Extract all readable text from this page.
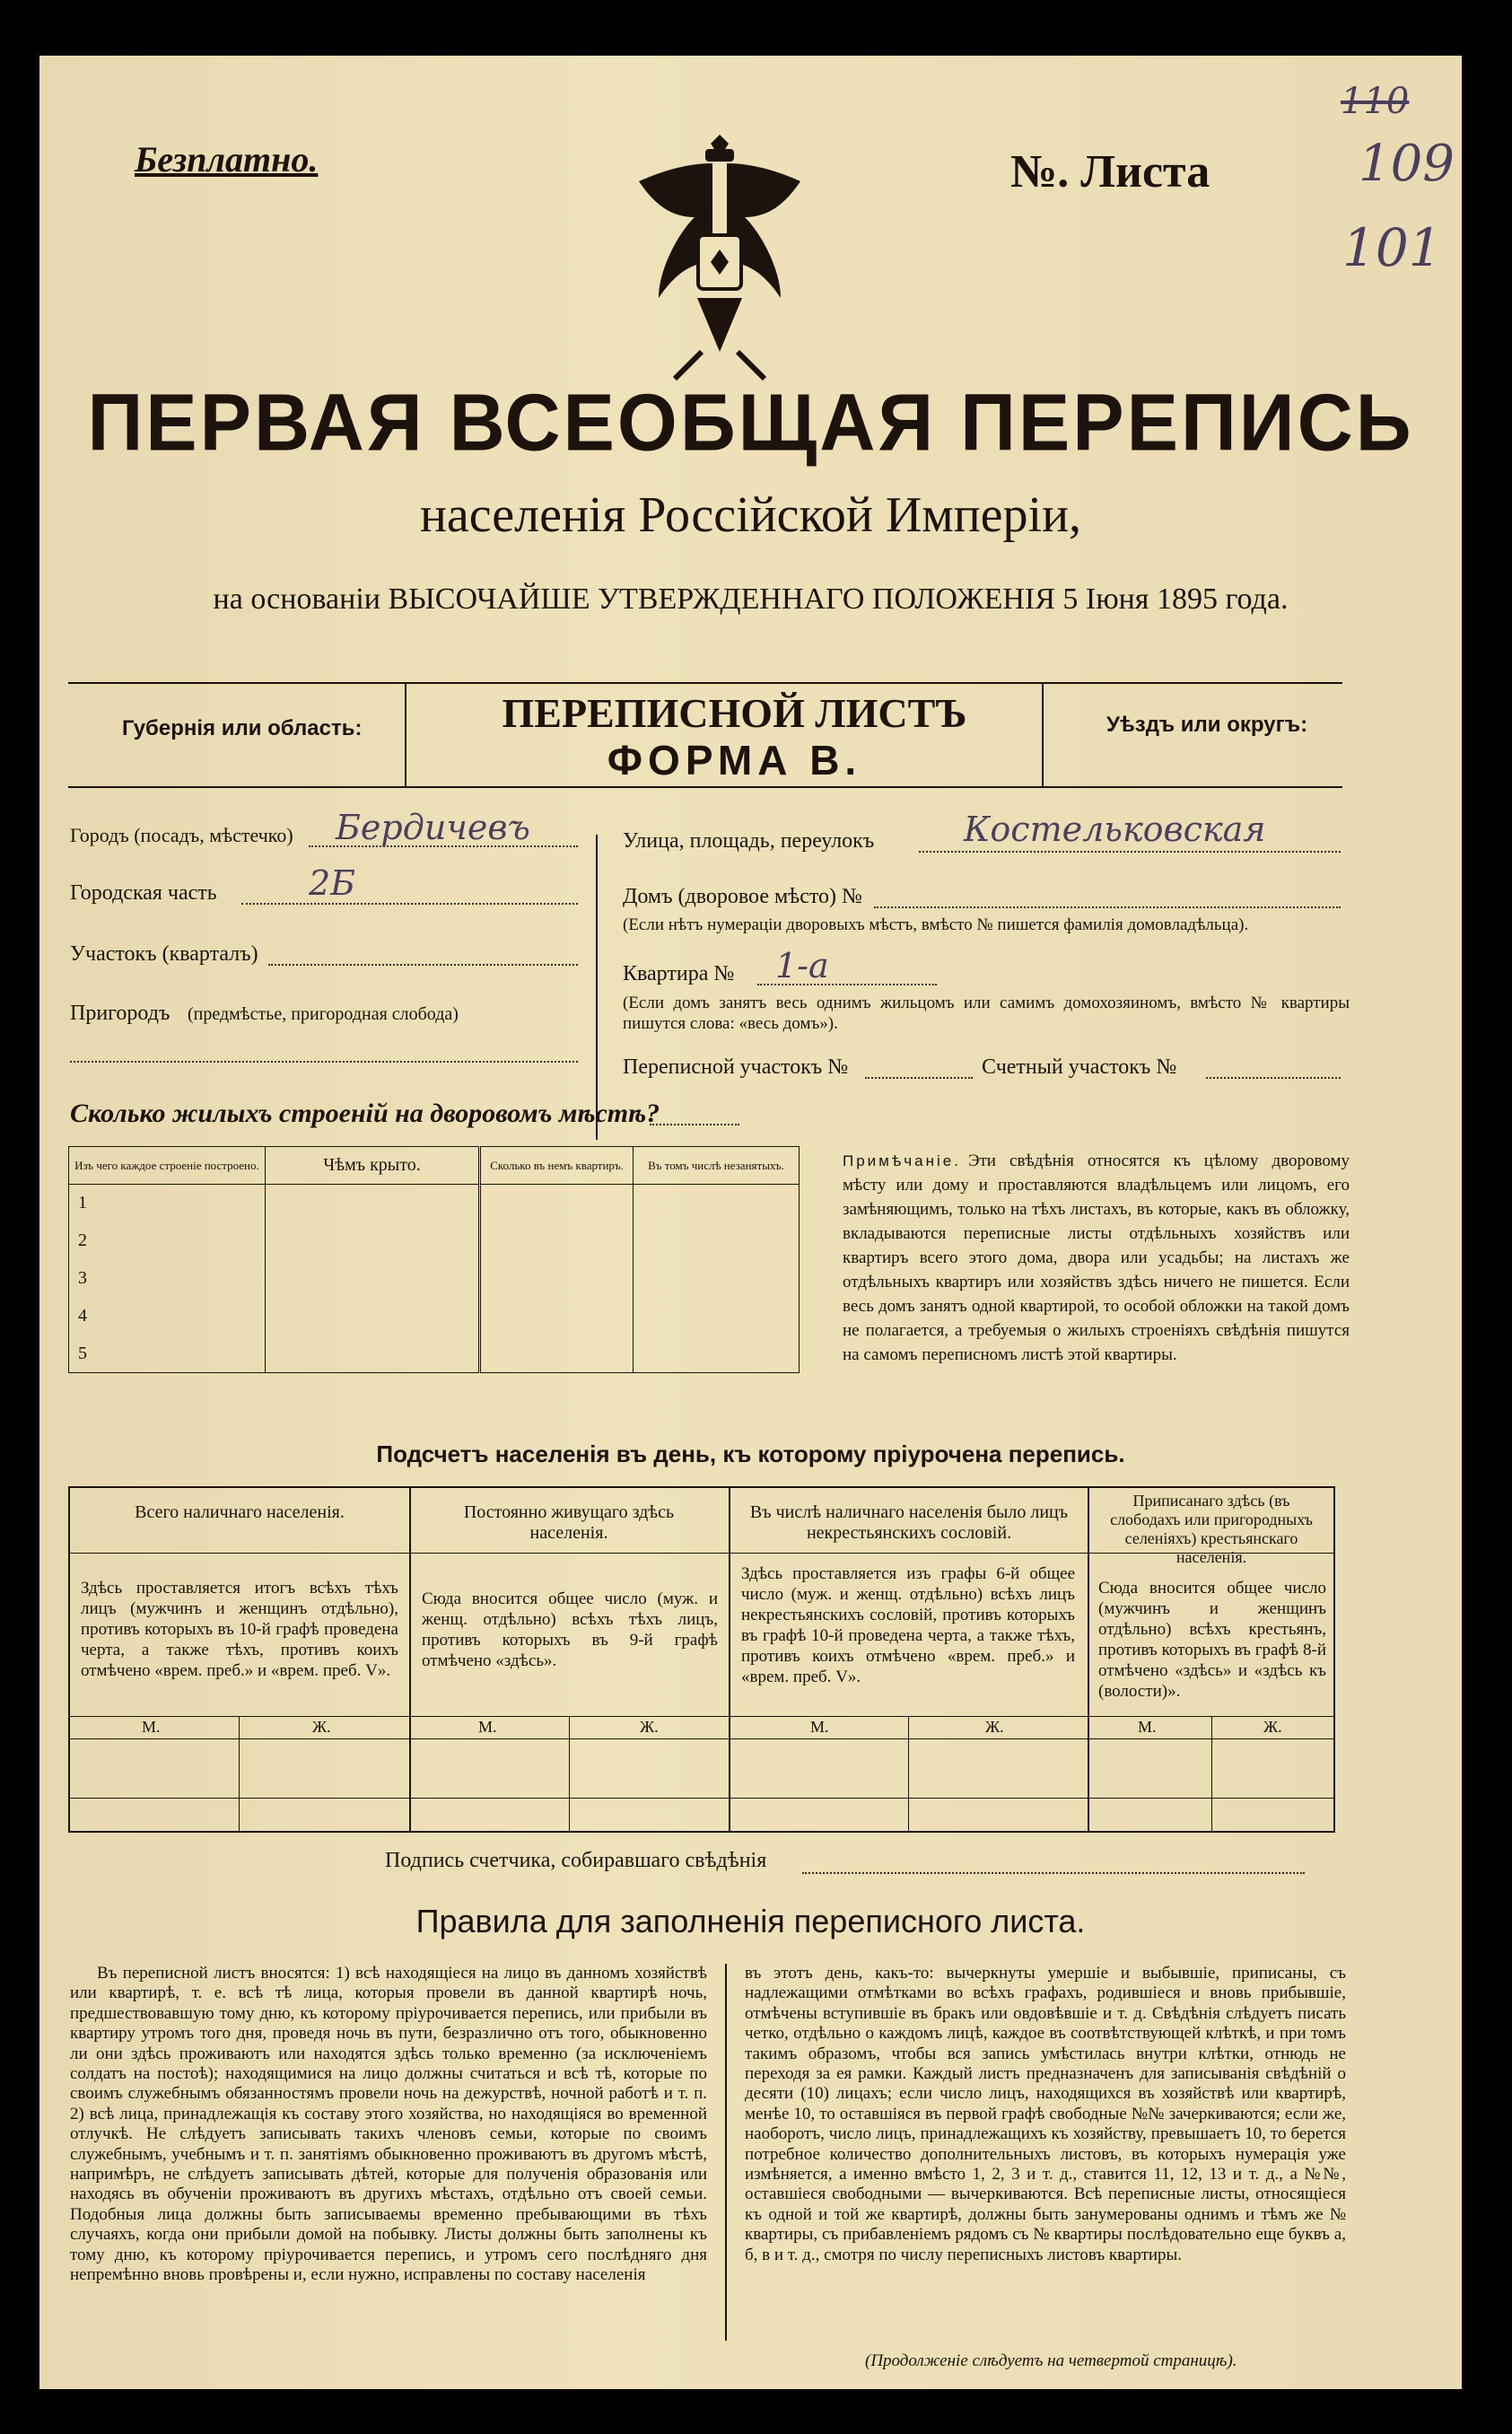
Безплатно.	№. Листа
110
109
101
ПЕРВАЯ ВСЕОБЩАЯ ПЕРЕПИСЬ
населенія Россійской Имперіи,
на основаніи ВЫСОЧАЙШЕ УТВЕРЖДЕННАГО ПОЛОЖЕНІЯ 5 Іюня 1895 года.
Губернія или область:	ПЕРЕПИСНОЙ ЛИСТЪ
ФОРМА В.
Уѣздъ или округъ:
Городъ (посадъ, мѣстечко) Бердичевъ
Городская часть	2Б
Участокъ (кварталъ)
Пригородъ (предмѣстье, пригородная слобода)
Улица, площадь, переулокъ	Костельковская
Домъ (дворовое мѣсто) №
(Если нѣтъ нумераціи дворовыхъ мѣстъ, вмѣсто № пишется фамилія домовладѣльца).
Квартира № 1-а
(Если домъ занятъ весь однимъ жильцомъ или самимъ домохозяиномъ, вмѣсто № квартиры пишутся слова: «весь домъ»).
Переписной участокъ №	Счетный участокъ №
Сколько жилыхъ строеній на дворовомъ мѣстѣ?
Изъ чего каждое строеніе построено.	Чѣмъ крыто.	Сколько въ немъ квартиръ.	Въ томъ числѣ незанятыхъ.
1			
2			
3			
4			
5			
Примѣчаніе. Эти свѣдѣнія относятся къ цѣлому дворовому мѣсту или дому и проставляются владѣльцемъ или лицомъ, его замѣняющимъ, только на тѣхъ листахъ, въ которые, какъ въ обложку, вкладываются переписные листы отдѣльныхъ хозяйствъ или квартиръ всего этого дома, двора или усадьбы; на листахъ же отдѣльныхъ квартиръ или хозяйствъ здѣсь ничего не пишется. Если весь домъ занятъ одной квартирой, то особой обложки на такой домъ не полагается, а требуемыя о жилыхъ строеніяхъ свѣдѣнія пишутся на самомъ переписномъ листѣ этой квартиры.
Подсчетъ населенія въ день, къ которому пріурочена перепись.
Всего наличнаго населенія.
Здѣсь проставляется итогъ всѣхъ тѣхъ лицъ (мужчинъ и женщинъ отдѣльно), противъ которыхъ въ 10-й графѣ проведена черта, а также тѣхъ, противъ коихъ отмѣчено «врем. преб.» и «врем. преб. V».
Постоянно живущаго здѣсь населенія.
Сюда вносится общее число (муж. и женщ. отдѣльно) всѣхъ тѣхъ лицъ, противъ которыхъ въ 9-й графѣ отмѣчено «здѣсь».
Въ числѣ наличнаго населенія было лицъ некрестьянскихъ сословій.
Здѣсь проставляется изъ графы 6-й общее число (муж. и женщ. отдѣльно) всѣхъ лицъ некрестьянскихъ сословій, противъ которыхъ въ графѣ 10-й проведена черта, а также тѣхъ, противъ коихъ отмѣчено «врем. преб.» и «врем. преб. V».
Приписанаго здѣсь (въ слободахъ или пригородныхъ селеніяхъ) крестьянскаго населенія.
Сюда вносится общее число (мужчинъ и женщинъ отдѣльно) всѣхъ крестьянъ, противъ которыхъ въ графѣ 8-й отмѣчено «здѣсь» и «здѣсь къ (волости)».
М.	Ж.	М.	Ж.	М.	Ж.	М.	Ж.
Подпись счетчика, собиравшаго свѣдѣнія
Правила для заполненія переписного листа.
Въ переписной листъ вносятся: 1) всѣ находящіеся на лицо въ данномъ хозяйствѣ или квартирѣ, т. е. всѣ тѣ лица, которыя провели въ данной квартирѣ ночь, предшествовавшую тому дню, къ которому пріурочивается перепись, или прибыли въ квартиру утромъ того дня, проведя ночь въ пути, безразлично отъ того, обыкновенно ли они здѣсь проживаютъ или находятся здѣсь только временно (за исключеніемъ солдатъ на постоѣ); находящимися на лицо должны считаться и всѣ тѣ, которые по своимъ служебнымъ обязанностямъ провели ночь на дежурствѣ, ночной работѣ и т. п. 2) всѣ лица, принадлежащія къ составу этого хозяйства, но находящіяся во временной отлучкѣ. Не слѣдуетъ записывать такихъ членовъ семьи, которые по своимъ служебнымъ, учебнымъ и т. п. занятіямъ обыкновенно проживаютъ въ другомъ мѣстѣ, напримѣръ, не слѣдуетъ записывать дѣтей, которые для полученія образованія или находясь въ обученіи проживаютъ въ другихъ мѣстахъ, отдѣльно отъ своей семьи. Подобныя лица должны быть записываемы временно пребывающими въ тѣхъ случаяхъ, когда они прибыли домой на побывку. Листы должны быть заполнены къ тому дню, къ которому пріурочивается перепись, и утромъ сего послѣдняго дня непремѣнно вновь провѣрены и, если нужно, исправлены по составу населенія
въ этотъ день, какъ-то: вычеркнуты умершіе и выбывшіе, приписаны, съ надлежащими отмѣтками во всѣхъ графахъ, родившіеся и вновь прибывшіе, отмѣчены вступившіе въ бракъ или овдовѣвшіе и т. д. Свѣдѣнія слѣдуетъ писать четко, отдѣльно о каждомъ лицѣ, каждое въ соотвѣтствующей клѣткѣ, и при томъ такимъ образомъ, чтобы вся запись умѣстилась внутри клѣтки, отнюдь не переходя за ея рамки. Каждый листъ предназначенъ для записыванія свѣдѣній о десяти (10) лицахъ; если число лицъ, находящихся въ хозяйствѣ или квартирѣ, менѣе 10, то оставшіяся въ первой графѣ свободные №№ зачеркиваются; если же, наоборотъ, число лицъ, принадлежащихъ къ хозяйству, превышаетъ 10, то берется потребное количество дополнительныхъ листовъ, въ которыхъ нумерація уже измѣняется, а именно вмѣсто 1, 2, 3 и т. д., ставится 11, 12, 13 и т. д., а №№, оставшіеся свободными — вычеркиваются. Всѣ переписные листы, относящіеся къ одной и той же квартирѣ, должны быть занумерованы однимъ и тѣмъ же № квартиры, съ прибавленіемъ рядомъ съ № квартиры послѣдовательно еще буквъ а, б, в и т. д., смотря по числу переписныхъ листовъ квартиры.
(Продолженіе слѣдуетъ на четвертой страницѣ).
